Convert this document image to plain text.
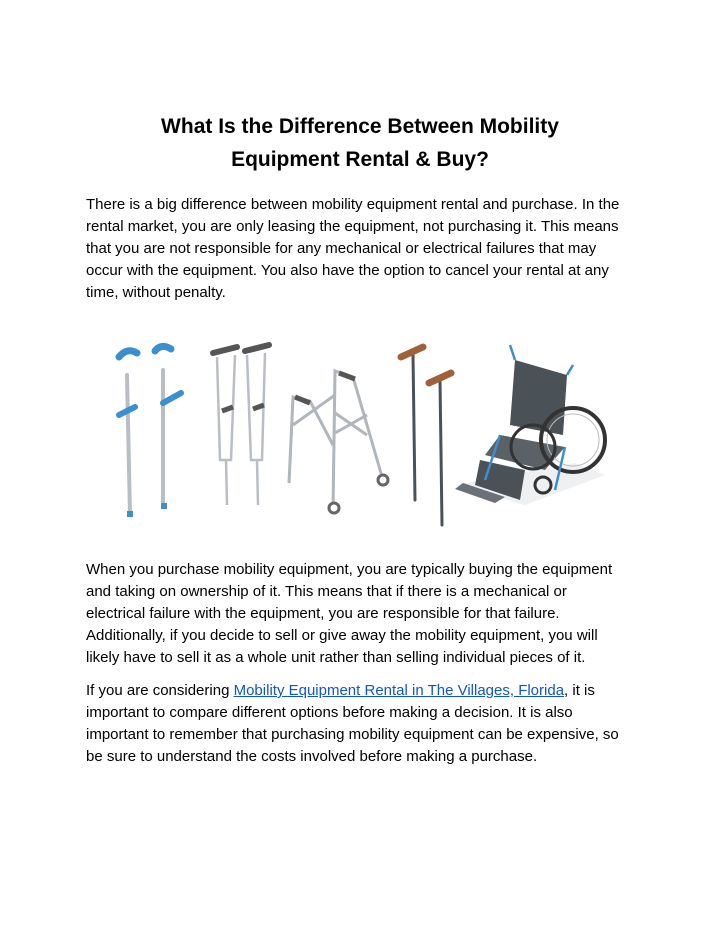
What Is the Difference Between Mobility
Equipment Rental & Buy?
There is a big difference between mobility equipment rental and purchase. In the
rental market, you are only leasing the equipment, not purchasing it. This means
that you are not responsible for any mechanical or electrical failures that may
occur with the equipment. You also have the option to cancel your rental at any
time, without penalty.
When you purchase mobility equipment, you are typically buying the equipment
and taking on ownership of it. This means that if there is a mechanical or
electrical failure with the equipment, you are responsible for that failure.
Additionally, if you decide to sell or give away the mobility equipment, you will
likely have to sell it as a whole unit rather than selling individual pieces of it.
If you are considering Mobility Equipment Rental in The Villages, Florida, it is
important to compare different options before making a decision. It is also
important to remember that purchasing mobility equipment can be expensive, so
be sure to understand the costs involved before making a purchase.
